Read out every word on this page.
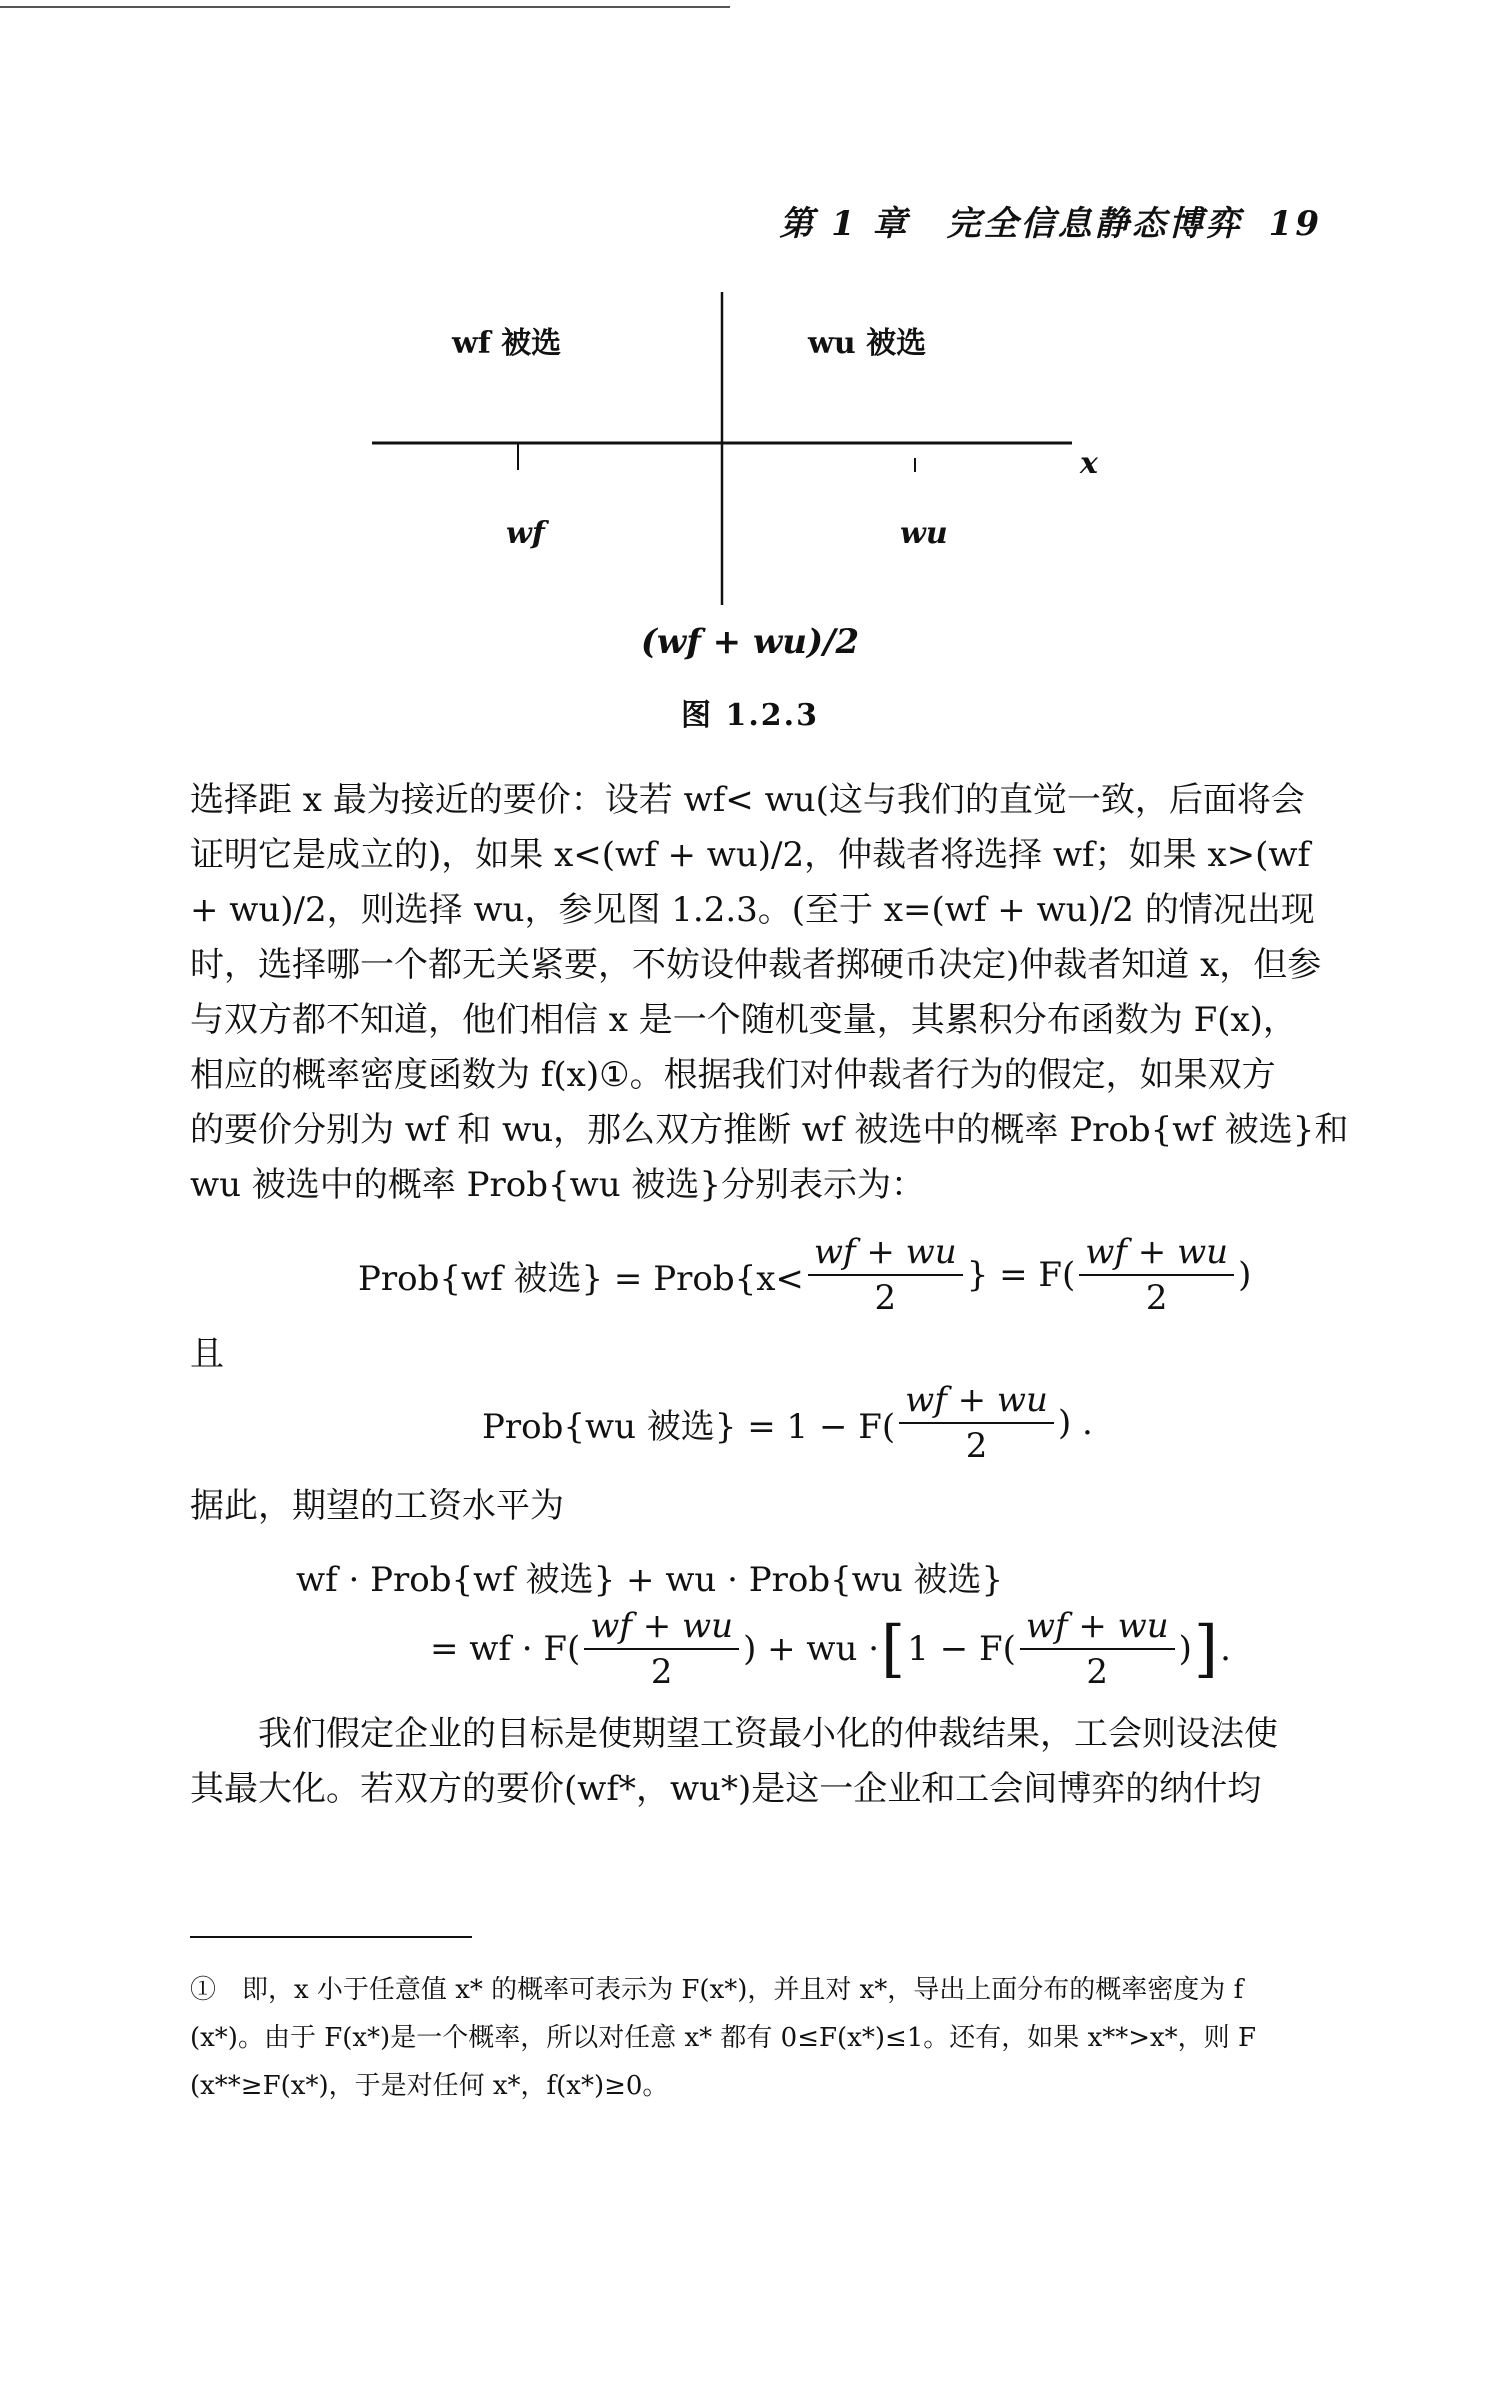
第 1 章　完全信息静态博弈 19
wf 被选	wu 被选
x
wf	wu
(wf + wu)/2
图 1.2.3
选择距 x 最为接近的要价：设若 wf< wu(这与我们的直觉一致，后面将会
证明它是成立的)，如果 x<(wf + wu)/2，仲裁者将选择 wf；如果 x>(wf
+ wu)/2，则选择 wu，参见图 1.2.3。(至于 x=(wf + wu)/2 的情况出现
时，选择哪一个都无关紧要，不妨设仲裁者掷硬币决定)仲裁者知道 x，但参
与双方都不知道，他们相信 x 是一个随机变量，其累积分布函数为 F(x)，
相应的概率密度函数为 f(x)①。根据我们对仲裁者行为的假定，如果双方
的要价分别为 wf 和 wu，那么双方推断 wf 被选中的概率 Prob{wf 被选}和
wu 被选中的概率 Prob{wu 被选}分别表示为：
Prob{wf 被选} = Prob{x< $\frac{wf + wu}{2}$ } = $F( \frac{wf + wu}{2}$ )
且
Prob{wu 被选} = $1 - F( \frac{wf + wu}{2}$ ) .
据此，期望的工资水平为
wf · Prob{wf 被选} + wu · Prob{wu 被选}
= wf · $F( \frac{wf + wu}{2}$ ) + wu · [ $1 - F( \frac{wf + wu}{2}$ ) ] .
　　我们假定企业的目标是使期望工资最小化的仲裁结果，工会则设法使
其最大化。若双方的要价(wf*，wu*)是这一企业和工会间博弈的纳什均
①　即，x 小于任意值 x* 的概率可表示为 F(x*)，并且对 x*，导出上面分布的概率密度为 f
(x*)。由于 F(x*)是一个概率，所以对任意 x* 都有 0≤F(x*)≤1。还有，如果 x**>x*，则 F
(x**≥F(x*)，于是对任何 x*，f(x*)≥0。
